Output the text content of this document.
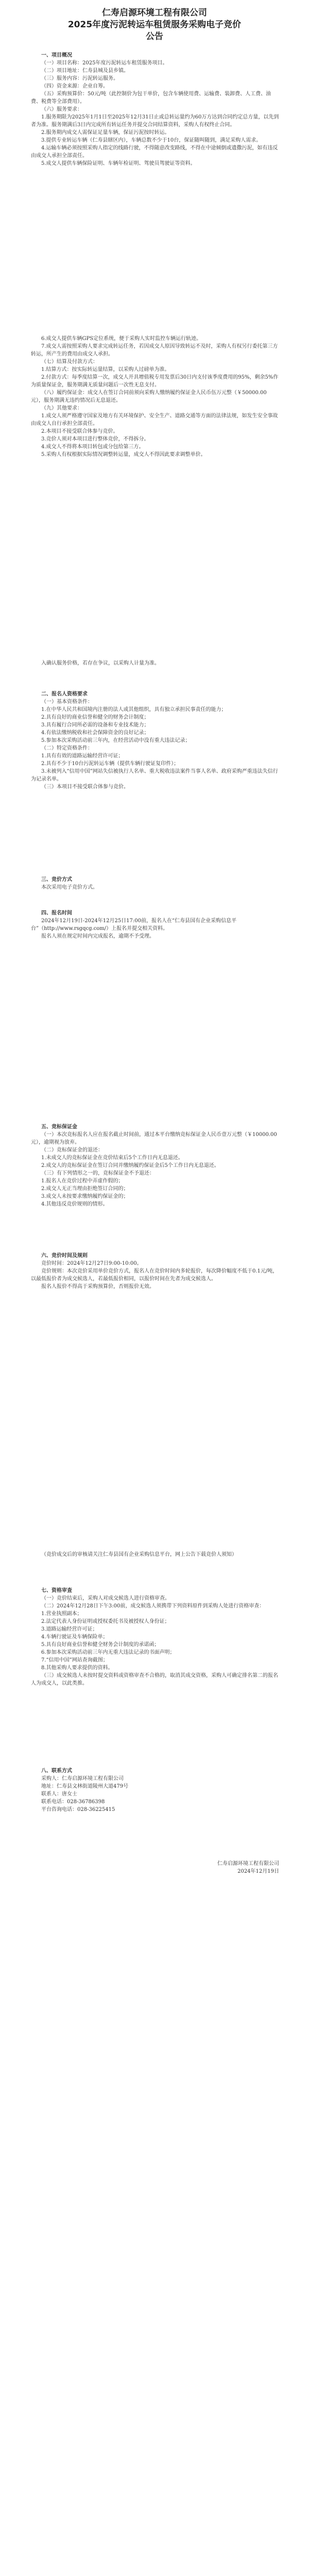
仁寿启源环境工程有限公司

2025年度污泥转运车租赁服务采购电子竞价

公告

一、项目概况

（一）项目名称：2025年度污泥转运车租赁服务项目。

（二）项目地址：仁寿县城及县乡镇。

（三）服务内容：污泥转运服务。

（四）资金来源：企业自筹。

（五）采购预算价：50元/吨（此控制价为包干单价，包含车辆使用费、运输费、装卸费、人工费、油费、税费等全部费用）。

（六）服务要求：

1.服务期限为2025年1月1日至2025年12月31日止或总转运量约为60万方达到合同约定总方量，以先到者为准。服务期满后3日内完成所有转运任务并提交合同结算资料，采购人有权终止合同。

2.服务期内成交人需保证足量车辆，保证污泥按时转运。

3.提供专业转运车辆（仁寿县辖区内），车辆总数不少于10台，保证随叫随到，满足采购人需求。

4.运输车辆必须按照采购人指定的线路行驶，不得随意改变路线，不得在中途倾倒或遗撒污泥，如有违反由成交人承担全部责任。

5.成交人提供车辆保险证明、车辆年检证明、驾驶员驾驶证等资料。

6.成交人提供车辆GPS定位系统，便于采购人实时监控车辆运行轨迹。

7.成交人需按照采购人要求完成转运任务，若因成交人原因导致转运不及时，采购人有权另行委托第三方转运，所产生的费用由成交人承担。

（七）结算及付款方式：

1.结算方式：按实际转运量结算，以采购人过磅单为准。

2.付款方式：每季度结算一次，成交人开具增值税专用发票后30日内支付该季度费用的95%，剩余5%作为质量保证金，服务期满无质量问题后一次性无息支付。

（八）履约保证金：成交人在签订合同前须向采购人缴纳履约保证金人民币伍万元整（￥50000.00元），服务期满无违约情况后无息退还。

（九）其他要求：

1.成交人须严格遵守国家及地方有关环境保护、安全生产、道路交通等方面的法律法规，如发生安全事故由成交人自行承担全部责任。

2.本项目不接受联合体参与竞价。

3.竞价人须对本项目进行整体竞价，不得拆分。

4.成交人不得将本项目转包或分包给第三方。

5.采购人有权根据实际情况调整转运量，成交人不得因此要求调整单价。

入确认服务价格，若存在争议，以采购人计量为准。

二、报名人资格要求

（一）基本资格条件：

1.在中华人民共和国境内注册的法人或其他组织，具有独立承担民事责任的能力；

2.具有良好的商业信誉和健全的财务会计制度；

3.具有履行合同所必需的设备和专业技术能力；

4.有依法缴纳税收和社会保障资金的良好记录；

5.参加本次采购活动前三年内，在经营活动中没有重大违法记录；

（二）特定资格条件：

1.具有有效的道路运输经营许可证；

2.具有不少于10台污泥转运车辆（提供车辆行驶证复印件）；

3.未被列入“信用中国”网站失信被执行人名单、重大税收违法案件当事人名单、政府采购严重违法失信行为记录名单。

（三）本项目不接受联合体参与竞价。

三、竞价方式

本次采用电子竞价方式。

四、报名时间

2024年12月19日-2024年12月25日17:00前，报名人在“仁寿县国有企业采购信息平台”（http://www.rsgqcg.com/）上报名并提交相关资料。

报名人须在规定时间内完成报名，逾期不予受理。

五、竞标保证金

（一）本次竞标报名人应在报名截止时间前，通过本平台缴纳竞标保证金人民币壹万元整（￥10000.00元），逾期视为放弃。

（二）竞标保证金的退还：

1.未成交人的竞标保证金在竞价结束后5个工作日内无息退还。

2.成交人的竞标保证金在签订合同并缴纳履约保证金后5个工作日内无息退还。

（三）有下列情形之一的，竞标保证金不予退还：

1.报名人在竞价过程中弄虚作假的；

2.成交人无正当理由拒绝签订合同的；

3.成交人未按要求缴纳履约保证金的；

4.其他违反竞价规则的情形。

六、竞价时间及规则

竞价时间：2024年12月27日9:00-10:00。

竞价规则：本次竞价采用单价竞价方式，报名人在竞价时间内多轮报价，每次降价幅度不低于0.1元/吨，以最低报价者为成交候选人，若最低报价相同，以报价时间在先者为成交候选人。

报名人报价不得高于采购预算价，否则报价无效。

（竞价成交后的审核请关注仁寿县国有企业采购信息平台，网上公告下载竞价人须知）

七、资格审查

（一）竞价结束后，采购人对成交候选人进行资格审查。

（二）2024年12月28日下午3:00前，成交候选人须携带下列资料原件到采购人处进行资格审查：

1.营业执照副本；

2.法定代表人身份证明或授权委托书及被授权人身份证；

3.道路运输经营许可证；

4.车辆行驶证及车辆保险单；

5.具有良好商业信誉和健全财务会计制度的承诺函；

6.参加本次采购活动前三年内无重大违法记录的书面声明；

7.“信用中国”网站查询截图；

8.其他采购人要求提供的资料。

（三）成交候选人未按时提交资料或资格审查不合格的，取消其成交资格，采购人可确定排名第二的报名人为成交人，以此类推。

八、联系方式

采购人：仁寿启源环境工程有限公司

地址：仁寿县文林街道陵州大道479号

联系人：唐女士

联系电话：028-36786398

平台咨询电话：028-36225415

仁寿启源环境工程有限公司

2024年12月19日
